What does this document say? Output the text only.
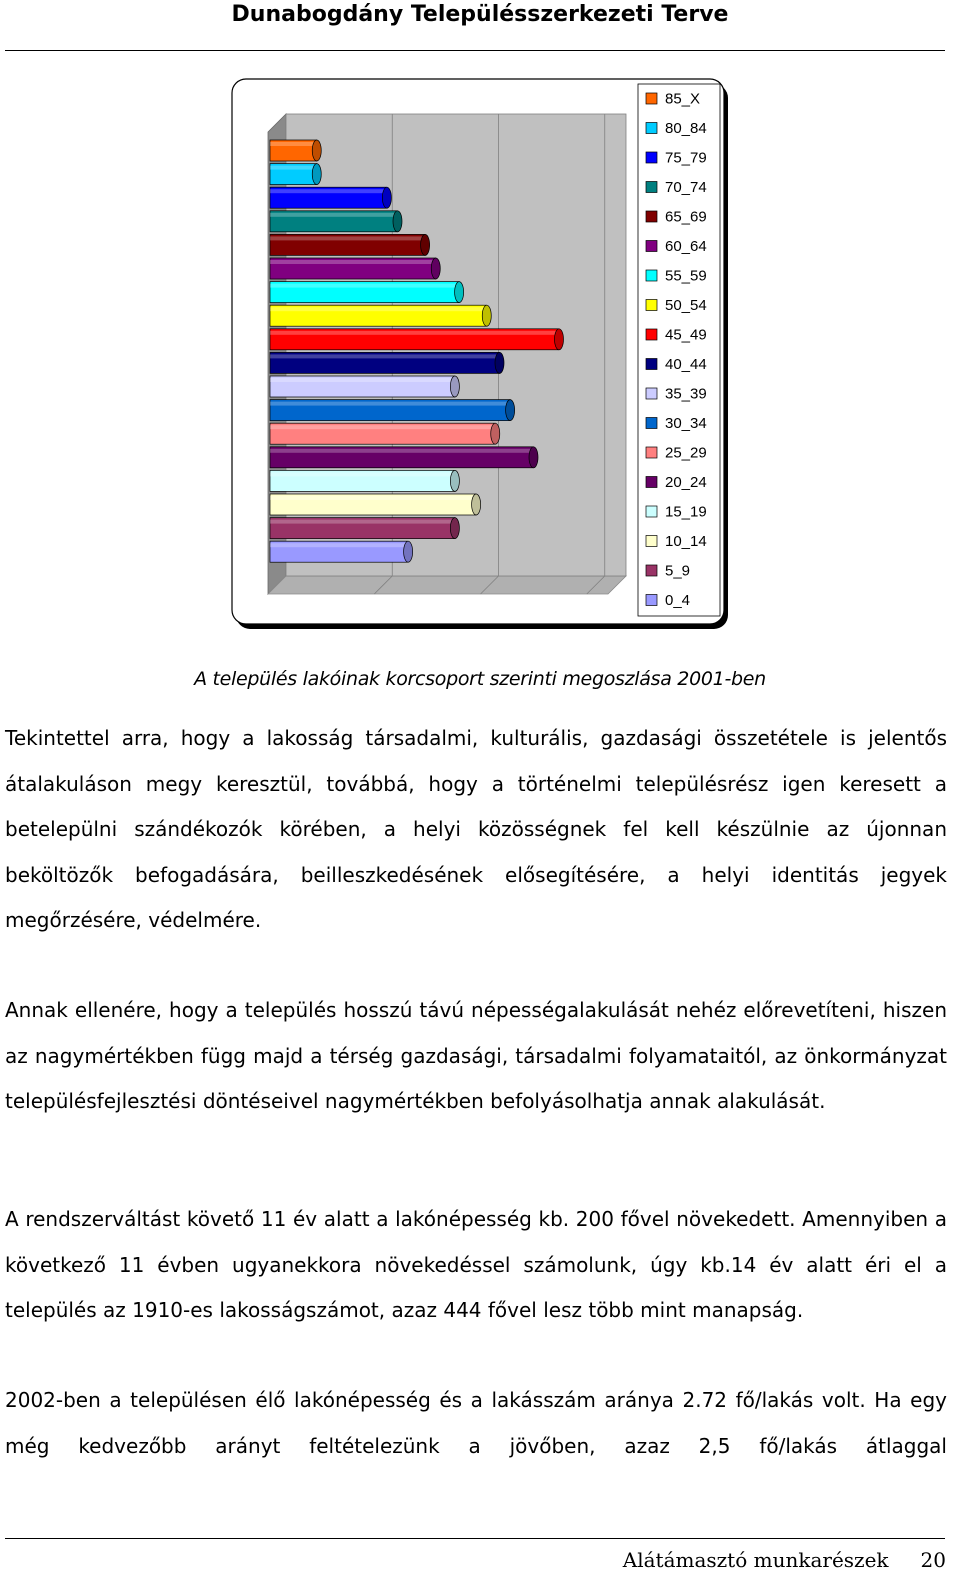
Dunabogdány Településszerkezeti Terve
85_X
80_84
75_79
70_74
65_69
60_64
55_59
50_54
45_49
40_44
35_39
30_34
25_29
20_24
15_19
10_14
5_9
0_4
A település lakóinak korcsoport szerinti megoszlása 2001-ben

Tekintettel arra, hogy a lakosság társadalmi, kulturális, gazdasági összetétele is jelentős átalakuláson megy keresztül, továbbá, hogy a történelmi településrész igen keresett a betelepülni szándékozók körében, a helyi közösségnek fel kell készülnie az újonnan beköltözők befogadására, beilleszkedésének elősegítésére, a helyi identitás jegyek megőrzésére, védelmére.

Annak ellenére, hogy a település hosszú távú népességalakulását nehéz előrevetíteni, hiszen az nagymértékben függ majd a térség gazdasági, társadalmi folyamataitól, az önkormányzat településfejlesztési döntéseivel nagymértékben befolyásolhatja annak alakulását.

A rendszerváltást követő 11 év alatt a lakónépesség kb. 200 fővel növekedett. Amennyiben a következő 11 évben ugyanekkora növekedéssel számolunk, úgy kb.14 év alatt éri el a település az 1910-es lakosságszámot, azaz 444 fővel lesz több mint manapság.

2002-ben a településen élő lakónépesség és a lakásszám aránya 2.72 fő/lakás volt. Ha egy még kedvezőbb arányt feltételezünk a jövőben, azaz 2,5 fő/lakás átlaggal

Alátámasztó munkarészek 20
